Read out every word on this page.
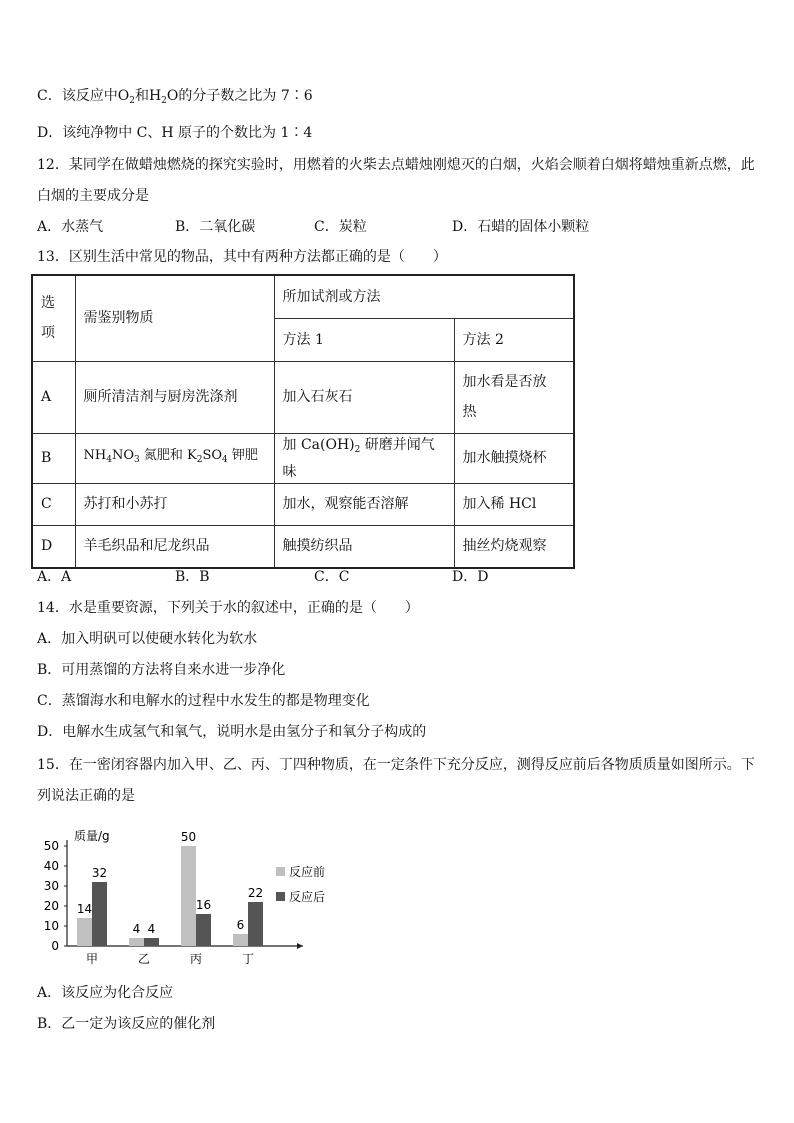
C．该反应中$O_2$和$H_2O$的分子数之比为 7∶6
D．该纯净物中 C、H 原子的个数比为 1∶4
12．某同学在做蜡烛燃烧的探究实验时，用燃着的火柴去点蜡烛刚熄灭的白烟，火焰会顺着白烟将蜡烛重新点燃，此
白烟的主要成分是
A．水蒸气	B．二氧化碳	C．炭粒	D．石蜡的固体小颗粒
13．区别生活中常见的物品，其中有两种方法都正确的是（　　）
选
项	需鉴别物质	所加试剂或方法	
		方法 1	方法 2
A	厕所清洁剂与厨房洗涤剂	加入石灰石	加水看是否放
热

B	$NH_4NO_3$ 氮肥和 $K_2SO_4$ 钾肥	加 $Ca(OH)_2$ 研磨并闻气味	加水触摸烧杯
C	苏打和小苏打	加水，观察能否溶解	加入稀 HCl
D	羊毛织品和尼龙织品	触摸纺织品	抽丝灼烧观察
A．A	B．B	C．C	D．D
14．水是重要资源，下列关于水的叙述中，正确的是（　　）
A．加入明矾可以使硬水转化为软水
B．可用蒸馏的方法将自来水进一步净化
C．蒸馏海水和电解水的过程中水发生的都是物理变化
D．电解水生成氢气和氧气，说明水是由氢分子和氧分子构成的
15．在一密闭容器内加入甲、乙、丙、丁四种物质，在一定条件下充分反应，测得反应前后各物质质量如图所示。下
列说法正确的是
0
10
20
30
40
50
质量/g
14
32
甲
4 4
乙
50
16
丙
6
22
丁
反应前
反应后
A．该反应为化合反应
B．乙一定为该反应的催化剂
